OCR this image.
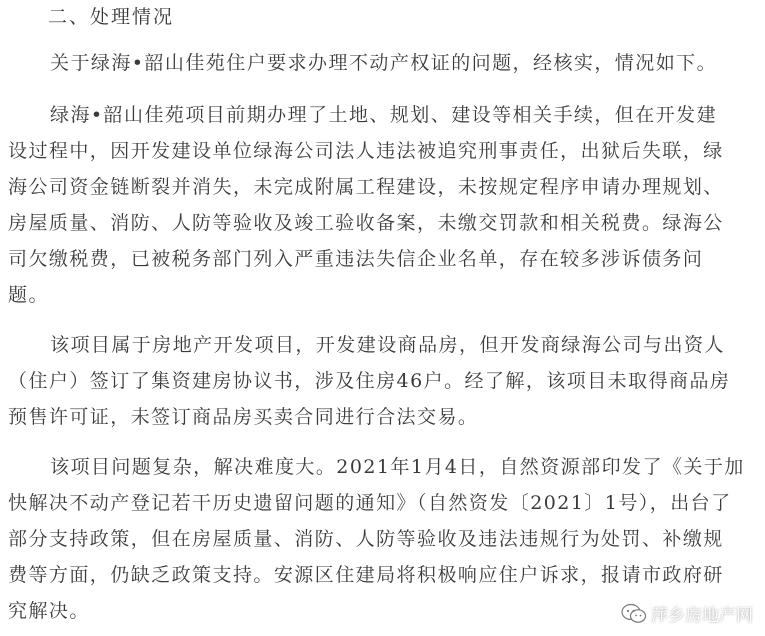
二、处理情况

关于绿海•韶山佳苑住户要求办理不动产权证的问题，经核实，情况如下。

绿海•韶山佳苑项目前期办理了土地、规划、建设等相关手续，但在开发建

设过程中，因开发建设单位绿海公司法人违法被追究刑事责任，出狱后失联，绿

海公司资金链断裂并消失，未完成附属工程建设，未按规定程序申请办理规划、

房屋质量、消防、人防等验收及竣工验收备案，未缴交罚款和相关税费。绿海公

司欠缴税费，已被税务部门列入严重违法失信企业名单，存在较多涉诉债务问

题。

该项目属于房地产开发项目，开发建设商品房，但开发商绿海公司与出资人

（住户）签订了集资建房协议书，涉及住房46户。经了解，该项目未取得商品房

预售许可证，未签订商品房买卖合同进行合法交易。

该项目问题复杂，解决难度大。2021年1月4日，自然资源部印发了《关于加

快解决不动产登记若干历史遗留问题的通知》（自然资发〔2021〕1号），出台了

部分支持政策，但在房屋质量、消防、人防等验收及违法违规行为处罚、补缴规

费等方面，仍缺乏政策支持。安源区住建局将积极响应住户诉求，报请市政府研

究解决。	萍乡房地产网
